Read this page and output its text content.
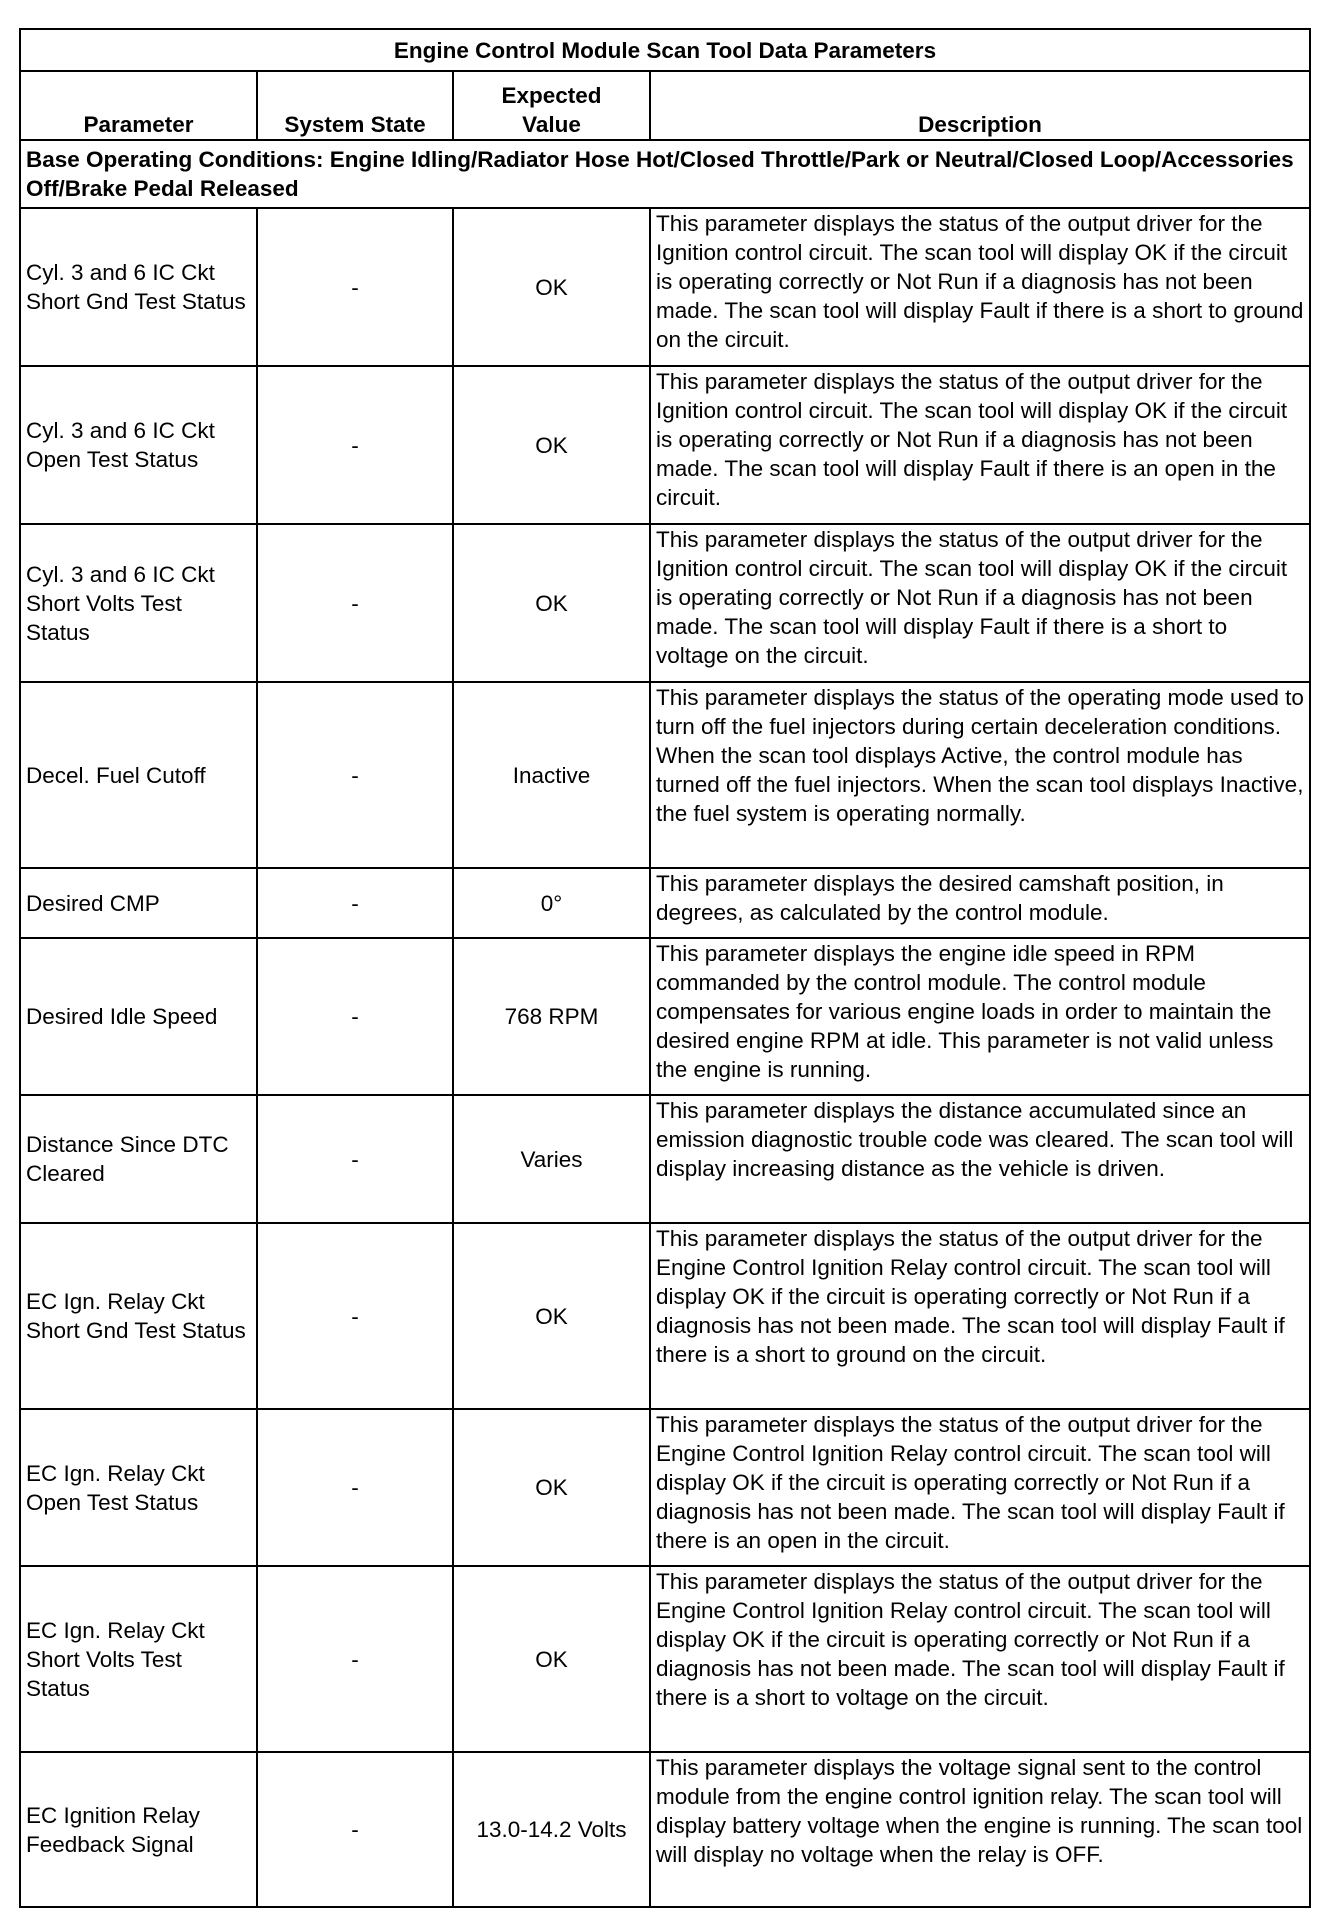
Engine Control Module Scan Tool Data Parameters			
Parameter	System State	Expected Value	Description
Base Operating Conditions: Engine Idling/Radiator Hose Hot/Closed Throttle/Park or Neutral/Closed Loop/Accessories Off/Brake Pedal Released			
Cyl. 3 and 6 IC Ckt Short Gnd Test Status	-	OK	This parameter displays the status of the output driver for the Ignition control circuit. The scan tool will display OK if the circuit is operating correctly or Not Run if a diagnosis has not been made. The scan tool will display Fault if there is a short to ground on the circuit.
Cyl. 3 and 6 IC Ckt Open Test Status	-	OK	This parameter displays the status of the output driver for the Ignition control circuit. The scan tool will display OK if the circuit is operating correctly or Not Run if a diagnosis has not been made. The scan tool will display Fault if there is an open in the circuit.
Cyl. 3 and 6 IC Ckt Short Volts Test Status	-	OK	This parameter displays the status of the output driver for the Ignition control circuit. The scan tool will display OK if the circuit is operating correctly or Not Run if a diagnosis has not been made. The scan tool will display Fault if there is a short to voltage on the circuit.
Decel. Fuel Cutoff	-	Inactive	This parameter displays the status of the operating mode used to turn off the fuel injectors during certain deceleration conditions. When the scan tool displays Active, the control module has turned off the fuel injectors. When the scan tool displays Inactive, the fuel system is operating normally.
Desired CMP	-	0°	This parameter displays the desired camshaft position, in degrees, as calculated by the control module.
Desired Idle Speed	-	768 RPM	This parameter displays the engine idle speed in RPM commanded by the control module. The control module compensates for various engine loads in order to maintain the desired engine RPM at idle. This parameter is not valid unless the engine is running.
Distance Since DTC Cleared	-	Varies	This parameter displays the distance accumulated since an emission diagnostic trouble code was cleared. The scan tool will display increasing distance as the vehicle is driven.
EC Ign. Relay Ckt Short Gnd Test Status	-	OK	This parameter displays the status of the output driver for the Engine Control Ignition Relay control circuit. The scan tool will display OK if the circuit is operating correctly or Not Run if a diagnosis has not been made. The scan tool will display Fault if there is a short to ground on the circuit.
EC Ign. Relay Ckt Open Test Status	-	OK	This parameter displays the status of the output driver for the Engine Control Ignition Relay control circuit. The scan tool will display OK if the circuit is operating correctly or Not Run if a diagnosis has not been made. The scan tool will display Fault if there is an open in the circuit.
EC Ign. Relay Ckt Short Volts Test Status	-	OK	This parameter displays the status of the output driver for the Engine Control Ignition Relay control circuit. The scan tool will display OK if the circuit is operating correctly or Not Run if a diagnosis has not been made. The scan tool will display Fault if there is a short to voltage on the circuit.
EC Ignition Relay Feedback Signal	-	13.0-14.2 Volts	This parameter displays the voltage signal sent to the control module from the engine control ignition relay. The scan tool will display battery voltage when the engine is running. The scan tool will display no voltage when the relay is OFF.
